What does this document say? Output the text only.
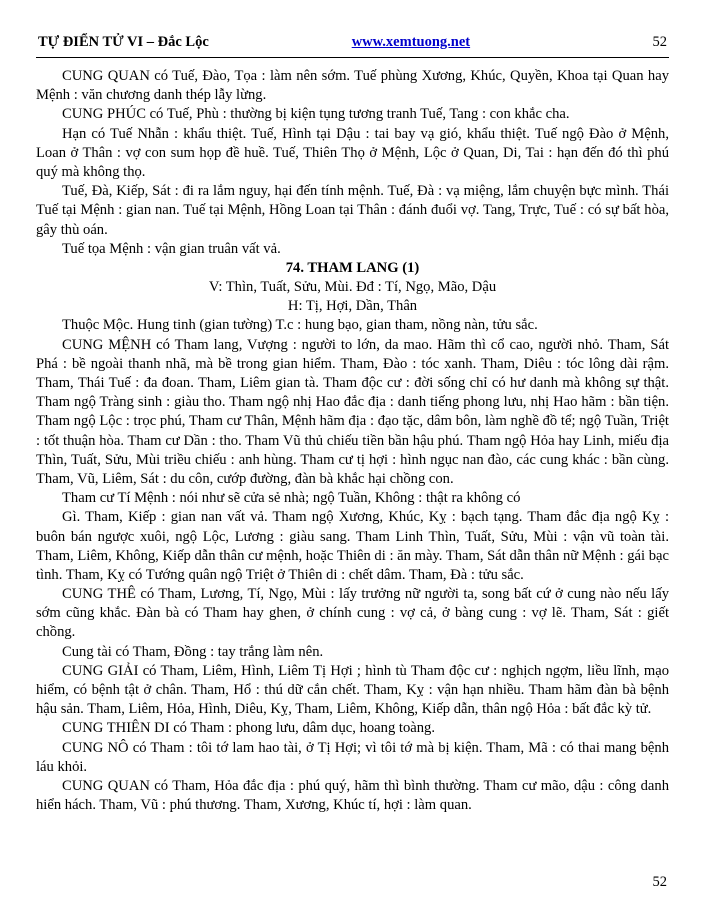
TỰ ĐIỂN TỬ VI – Đắc Lộc	www.xemtuong.net	52

CUNG QUAN có Tuế, Đào, Tọa : làm nên sớm. Tuế phùng Xương, Khúc, Quyền, Khoa tại Quan hay Mệnh : văn chương danh thép lẫy lừng.

CUNG PHÚC có Tuế, Phù : thường bị kiện tụng tương tranh Tuế, Tang : con khắc cha.

Hạn có Tuế Nhẫn : khẩu thiệt. Tuế, Hình tại Dậu : tai bay vạ gió, khẩu thiệt. Tuế ngộ Đào ở Mệnh, Loan ở Thân : vợ con sum họp đề huề. Tuế, Thiên Thọ ở Mệnh, Lộc ở Quan, Di, Tai : hạn đến đó thì phú quý mà không thọ.

Tuế, Đà, Kiếp, Sát : đi ra lắm nguy, hại đến tính mệnh. Tuế, Đà : vạ miệng, lắm chuyện bực mình. Thái Tuế tại Mệnh : gian nan. Tuế tại Mệnh, Hồng Loan tại Thân : đánh đuổi vợ. Tang, Trực, Tuế : có sự bất hòa, gây thù oán.

Tuế tọa Mệnh : vận gian truân vất vả.

74. THAM LANG (1)

V: Thìn, Tuất, Sửu, Mùi. Đđ : Tí, Ngọ, Mão, Dậu

H: Tị, Hợi, Dần, Thân

Thuộc Mộc. Hung tinh (gian tường) T.c : hung bạo, gian tham, nồng nàn, tửu sắc.

CUNG MỆNH có Tham lang, Vượng : người to lớn, da mao. Hãm thì cổ cao, người nhỏ. Tham, Sát Phá : bề ngoài thanh nhã, mà bề trong gian hiểm. Tham, Đào : tóc xanh. Tham, Diêu : tóc lông dài rậm. Tham, Thái Tuế : đa đoan. Tham, Liêm gian tà. Tham độc cư : đời sống chỉ có hư danh mà không sự thật. Tham ngộ Tràng sinh : giàu tho. Tham ngộ nhị Hao đắc địa : danh tiếng phong lưu, nhị Hao hãm : bần tiện. Tham ngộ Lộc : trọc phú, Tham cư Thân, Mệnh hãm địa : đạo tặc, dâm bôn, làm nghề đồ tể; ngộ Tuần, Triệt : tốt thuận hòa. Tham cư Dần : tho. Tham Vũ thủ chiếu tiền bần hậu phú. Tham ngộ Hỏa hay Linh, miếu địa Thìn, Tuất, Sửu, Mùi triều chiếu : anh hùng. Tham cư tị hợi : hình ngục nan đào, các cung khác : bần cùng. Tham, Vũ, Liêm, Sát : du côn, cướp đường, đàn bà khắc hại chồng con.

Tham cư Tí Mệnh : nói như sẽ cửa sẻ nhà; ngộ Tuần, Không : thật ra không có

Gì. Tham, Kiếp : gian nan vất vả. Tham ngộ Xương, Khúc, Kỵ : bạch tạng. Tham đắc địa ngộ Kỵ : buôn bán ngược xuôi, ngộ Lộc, Lương : giàu sang. Tham Linh Thìn, Tuất, Sửu, Mùi : vận vũ toàn tài. Tham, Liêm, Không, Kiếp dẫn thân cư mệnh, hoặc Thiên di : ăn mày. Tham, Sát dẫn thân nữ Mệnh : gái bạc tình. Tham, Kỵ có Tướng quân ngộ Triệt ở Thiên di : chết dâm. Tham, Đà : tửu sắc.

CUNG THÊ có Tham, Lương, Tí, Ngọ, Mùi : lấy trưởng nữ người ta, song bất cứ ở cung nào nếu lấy sớm cũng khắc. Đàn bà có Tham hay ghen, ở chính cung : vợ cả, ở bàng cung : vợ lẽ. Tham, Sát : giết chồng.

Cung tài có Tham, Đồng : tay trắng làm nên.

CUNG GIẢI có Tham, Liêm, Hình, Liêm Tị Hợi ; hình tù Tham độc cư : nghịch ngợm, liều lĩnh, mạo hiểm, có bệnh tật ở chân. Tham, Hổ : thú dữ cắn chết. Tham, Kỵ : vận hạn nhiều. Tham hãm đàn bà bệnh hậu sản. Tham, Liêm, Hỏa, Hình, Diêu, Kỵ, Tham, Liêm, Không, Kiếp dẫn, thân ngộ Hỏa : bất đắc kỳ tử.

CUNG THIÊN DI có Tham : phong lưu, dâm dục, hoang toàng.

CUNG NÔ có Tham : tôi tớ lam hao tài, ở Tị Hợi; vì tôi tớ mà bị kiện. Tham, Mã : có thai mang bệnh láu khỏi.

CUNG QUAN có Tham, Hỏa đắc địa : phú quý, hãm thì bình thường. Tham cư mão, dậu : công danh hiển hách. Tham, Vũ : phú thương. Tham, Xương, Khúc tí, hợi : làm quan.

52
